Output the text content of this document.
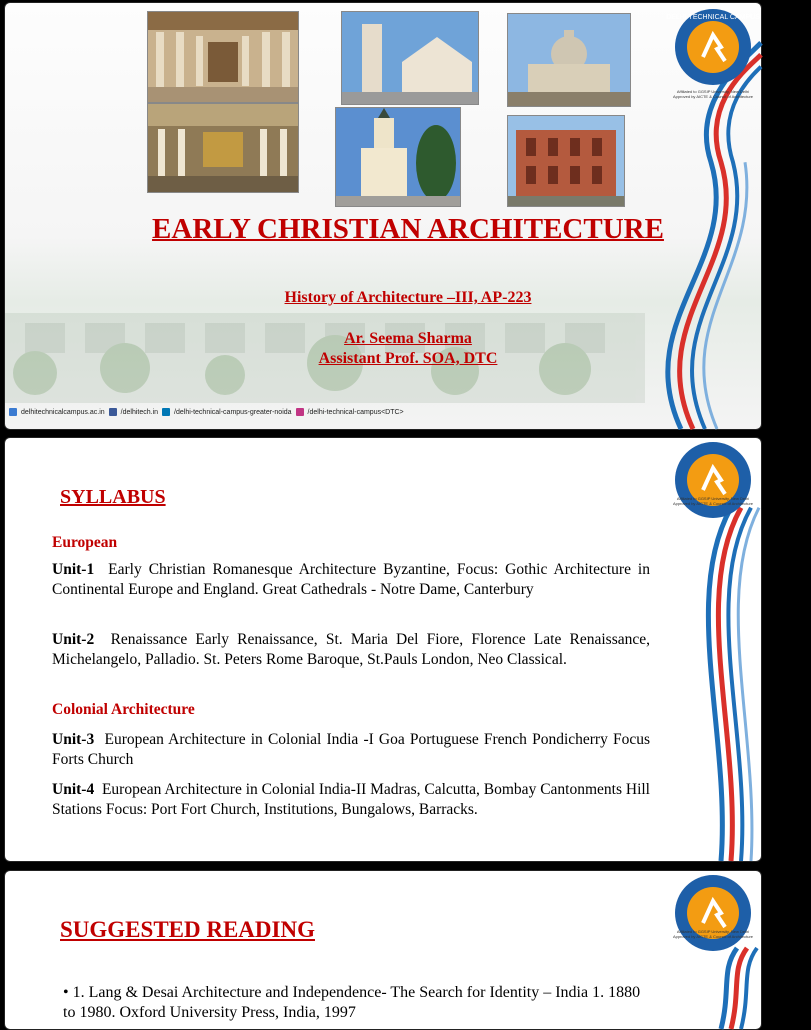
DELHI TECHNICAL CAMPUS
Affiliated to GGSIP University, New Delhi
Approved by AICTE & Council of Architecture
EARLY CHRISTIAN ARCHITECTURE
History of Architecture –III, AP-223
Ar. Seema Sharma
Assistant Prof. SOA, DTC
delhitechnicalcampus.ac.in /delhitech.in /delhi-technical-campus-greater-noida /delhi-technical-campus<DTC>
Affiliated to GGSIP University, New Delhi
Approved by AICTE & Council of Architecture
SYLLABUS
European
Unit-1 Early Christian Romanesque Architecture Byzantine, Focus: Gothic Architecture in Continental Europe and England. Great Cathedrals - Notre Dame, Canterbury
Unit-2 Renaissance Early Renaissance, St. Maria Del Fiore, Florence Late Renaissance, Michelangelo, Palladio. St. Peters Rome Baroque, St.Pauls London, Neo Classical.
Colonial Architecture
Unit-3 European Architecture in Colonial India -I Goa Portuguese French Pondicherry Focus Forts Church
Unit-4 European Architecture in Colonial India-II Madras, Calcutta, Bombay Cantonments Hill Stations Focus: Port Fort Church, Institutions, Bungalows, Barracks.
Affiliated to GGSIP University, New Delhi
Approved by AICTE & Council of Architecture
SUGGESTED READING
• 1. Lang & Desai Architecture and Independence- The Search for Identity – India 1. 1880 to 1980. Oxford University Press, India, 1997
